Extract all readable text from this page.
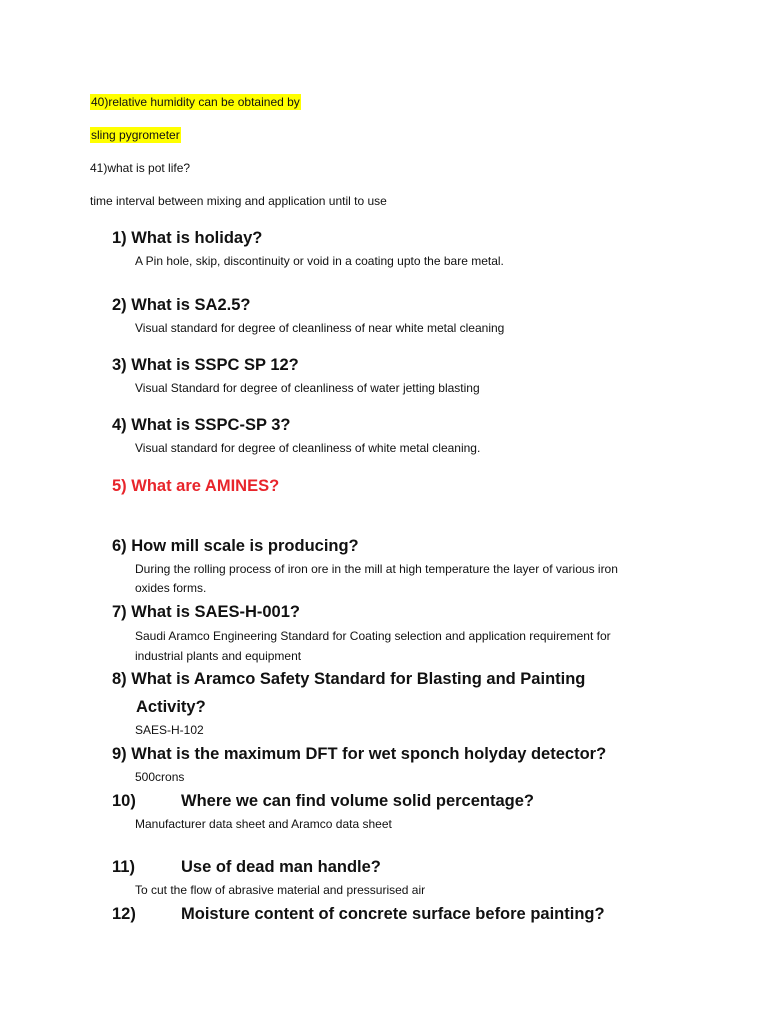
40)relative humidity can be obtained by
sling pygrometer
41)what is pot life?
time interval between mixing and application until to use
1) What is holiday?
A Pin hole, skip, discontinuity or void in a coating upto the bare metal.
2) What is SA2.5?
Visual standard for degree of cleanliness of near white metal cleaning
3) What is SSPC SP 12?
Visual Standard for degree of cleanliness of water jetting blasting
4) What is SSPC-SP 3?
Visual standard for degree of cleanliness of white metal cleaning.
5) What are AMINES?
6) How mill scale is producing?
During the rolling process of iron ore in the mill at high temperature the layer of various iron
oxides forms.
7) What is SAES-H-001?
Saudi Aramco Engineering Standard for Coating selection and application requirement for
industrial plants and equipment
8) What is Aramco Safety Standard for Blasting and Painting
Activity?
SAES-H-102
9) What is the maximum DFT for wet sponch holyday detector?
500crons
10)	Where we can find volume solid percentage?
Manufacturer data sheet and Aramco data sheet
11)	Use of dead man handle?
To cut the flow of abrasive material and pressurised air
12)	Moisture content of concrete surface before painting?
